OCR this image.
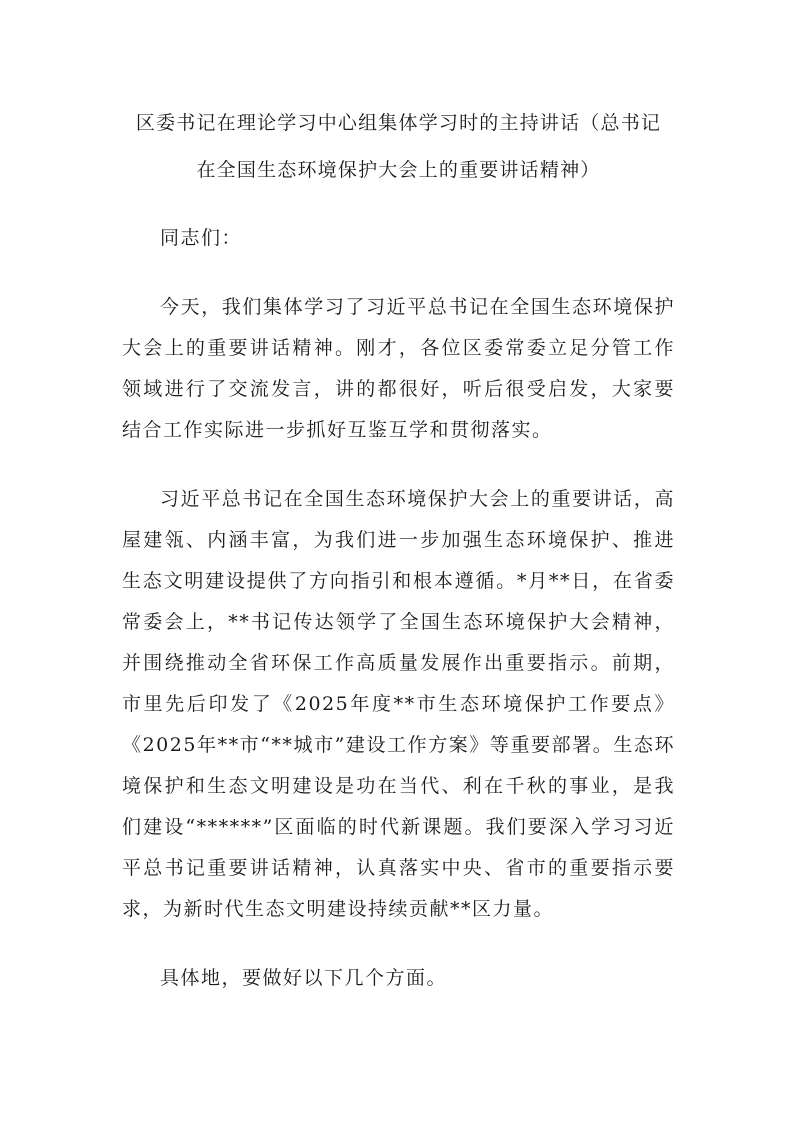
区委书记在理论学习中心组集体学习时的主持讲话（总书记
在全国生态环境保护大会上的重要讲话精神）

同志们：

今天，我们集体学习了习近平总书记在全国生态环境保护大会上的重要讲话精神。刚才，各位区委常委立足分管工作领域进行了交流发言，讲的都很好，听后很受启发，大家要结合工作实际进一步抓好互鉴互学和贯彻落实。

习近平总书记在全国生态环境保护大会上的重要讲话，高屋建瓴、内涵丰富，为我们进一步加强生态环境保护、推进生态文明建设提供了方向指引和根本遵循。*月**日，在省委常委会上，**书记传达领学了全国生态环境保护大会精神，并围绕推动全省环保工作高质量发展作出重要指示。前期，市里先后印发了《2025年度**市生态环境保护工作要点》《2025年**市“**城市”建设工作方案》等重要部署。生态环境保护和生态文明建设是功在当代、利在千秋的事业，是我们建设“******”区面临的时代新课题。我们要深入学习习近平总书记重要讲话精神，认真落实中央、省市的重要指示要求，为新时代生态文明建设持续贡献**区力量。

具体地，要做好以下几个方面。
